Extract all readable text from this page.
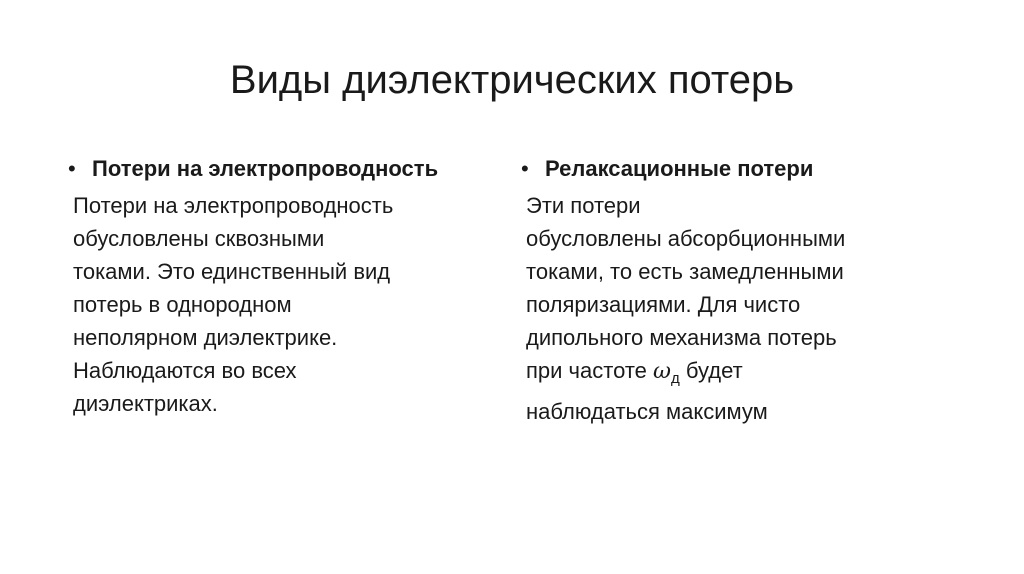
Виды диэлектрических потерь
• Потери на электропроводность
Потери на электропроводность
обусловлены сквозными
токами. Это единственный вид
потерь в однородном
неполярном диэлектрике.
Наблюдаются во всех
диэлектриках.
• Релаксационные потери
Эти потери
обусловлены абсорбционными
токами, то есть замедленными
поляризациями. Для чисто
дипольного механизма потерь
при частоте $\omega_д$ будет
наблюдаться максимум
